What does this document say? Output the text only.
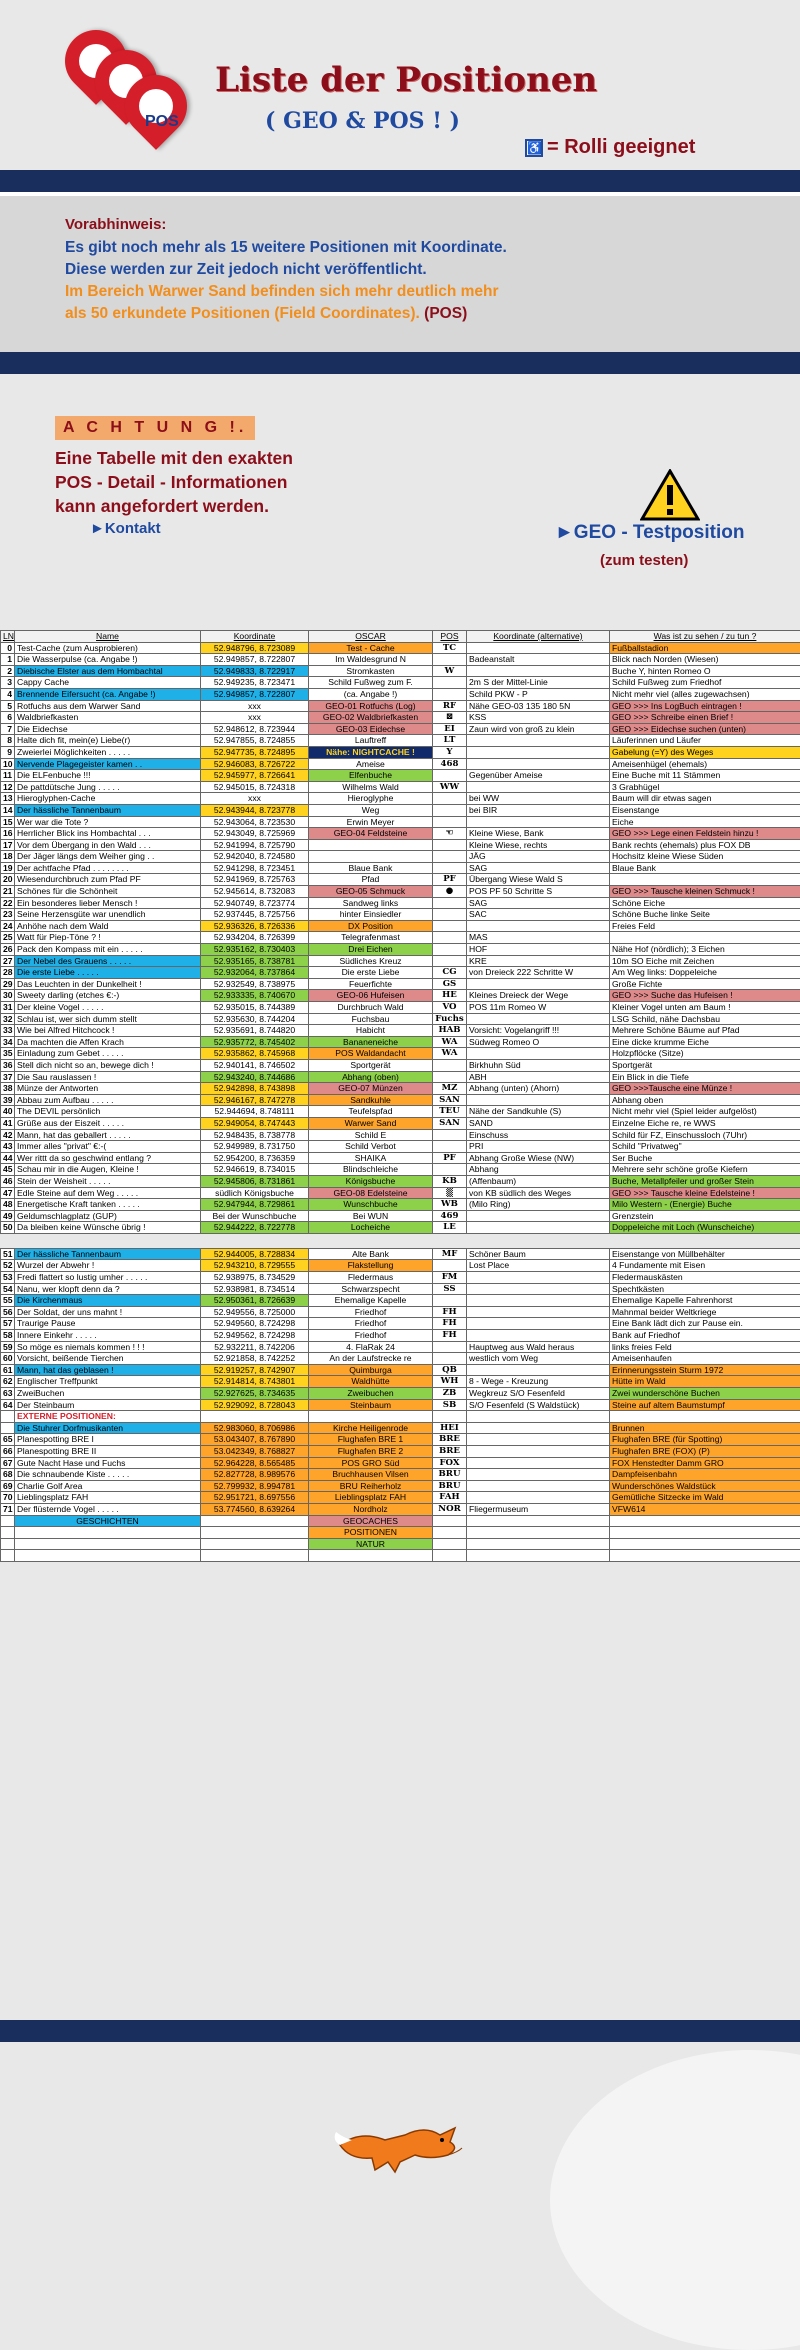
POS
Liste der Positionen
( GEO & POS ! )
♿ = Rolli geeignet
Vorabhinweis:
Es gibt noch mehr als 15 weitere Positionen mit Koordinate.
Diese werden zur Zeit jedoch nicht veröffentlicht.
Im Bereich Warwer Sand befinden sich mehr deutlich mehr
als 50 erkundete Positionen (Field Coordinates). (POS)
A C H T U N G !.
Eine Tabelle mit den exakten
POS - Detail - Informationen
kann angefordert werden.
►Kontakt	►GEO - Testposition
(zum testen)
LN	Name	Koordinate	OSCAR	POS	Koordinate (alternative)	Was ist zu sehen / zu tun ?
0	Test-Cache (zum Ausprobieren)	52.948796, 8.723089	Test - Cache	TC		Fußballstadion
1	Die Wasserpulse (ca. Angabe !)	52.949857, 8.722807	Im Waldesgrund N		Badeanstalt	Blick nach Norden (Wiesen)
2	Diebische Elster aus dem Hombachtal	52.949833, 8.722917	Stromkasten	W		Buche Y, hinten Romeo O
3	Cappy Cache	52.949235, 8.723471	Schild Fußweg zum F.		2m S der Mittel-Linie	Schild Fußweg zum Friedhof
4	Brennende Eifersucht (ca. Angabe !)	52.949857, 8.722807	(ca. Angabe !)		Schild PKW - P	Nicht mehr viel (alles zugewachsen)
5	Rotfuchs aus dem Warwer Sand	xxx	GEO-01 Rotfuchs (Log)	RF	Nähe GEO-03 135 180 5N	GEO >>> Ins LogBuch eintragen !
6	Waldbriefkasten	xxx	GEO-02 Waldbriefkasten	⊠	KSS	GEO >>> Schreibe einen Brief !
7	Die Eidechse	52.948612, 8.723944	GEO-03 Eidechse	EI	Zaun wird von groß zu klein	GEO >>> Eidechse suchen (unten)
8	Halte dich fit, mein(e) Liebe(r)	52.947855, 8.724855	Lauftreff	LT		Läuferinnen und Läufer
9	Zweierlei Möglichkeiten . . . . .	52.947735, 8.724895	Nähe: NIGHTCACHE !	Y		Gabelung (=Y) des Weges
10	Nervende Plagegeister kamen . .	52.946083, 8.726722	Ameise	468		Ameisenhügel (ehemals)
11	Die ELFenbuche !!!	52.945977, 8.726641	Elfenbuche		Gegenüber Ameise	Eine Buche mit 11 Stämmen
12	De pattdütsche Jung . . . . .	52.945015, 8.724318	Wilhelms Wald	WW		3 Grabhügel
13	Hieroglyphen-Cache	xxx	Hieroglyphe		bei WW	Baum will dir etwas sagen
14	Der hässliche Tannenbaum	52.943944, 8.723778	Weg		bei BIR	Eisenstange
15	Wer war die Tote ?	52.943064, 8.723530	Erwin Meyer			Eiche
16	Herrlicher Blick ins Hombachtal . . .	52.943049, 8.725969	GEO-04 Feldsteine	☜	Kleine Wiese, Bank	GEO >>> Lege einen Feldstein hinzu !
17	Vor dem Übergang in den Wald . . .	52.941994, 8.725790			Kleine Wiese, rechts	Bank rechts (ehemals) plus FOX DB
18	Der Jäger längs dem Weiher ging . .	52.942040, 8.724580			JÄG	Hochsitz kleine Wiese Süden
19	Der achtfache Pfad . . . . . . . .	52.941298, 8.723451	Blaue Bank		SAG	Blaue Bank
20	Wiesendurchbruch zum Pfad PF	52.941969, 8.725763	Pfad	PF	Übergang Wiese Wald S	
21	Schönes für die Schönheit	52.945614, 8.732083	GEO-05 Schmuck	●	POS PF 50 Schritte S	GEO >>> Tausche kleinen Schmuck !
22	Ein besonderes lieber Mensch !	52.940749, 8.723774	Sandweg links		SAG	Schöne Eiche
23	Seine Herzensgüte war unendlich	52.937445, 8.725756	hinter Einsiedler		SAC	Schöne Buche linke Seite
24	Anhöhe nach dem Wald	52.936326, 8.726336	DX Position			Freies Feld
25	Watt für Piep-Töne ? !	52.934204, 8.726399	Telegrafenmast		MAS	
26	Pack den Kompass mit ein . . . . .	52.935162, 8.730403	Drei Eichen		HOF	Nähe Hof (nördlich); 3 Eichen
27	Der Nebel des Grauens . . . . .	52.935165, 8.738781	Südliches Kreuz		KRE	10m SO Eiche mit Zeichen
28	Die erste Liebe . . . . .	52.932064, 8.737864	Die erste Liebe	CG	von Dreieck 222 Schritte W	Am Weg links: Doppeleiche
29	Das Leuchten in der Dunkelheit !	52.932549, 8.738975	Feuerfichte	GS		Große Fichte
30	Sweety darling (etches €:-)	52.933335, 8.740670	GEO-06 Hufeisen	HE	Kleines Dreieck der Wege	GEO >>> Suche das Hufeisen !
31	Der kleine Vogel . . . . .	52.935015, 8.744389	Durchbruch Wald	VO	POS 11m Romeo W	Kleiner Vogel unten am Baum !
32	Schlau ist, wer sich dumm stellt	52.935630, 8.744204	Fuchsbau	Fuchs		LSG Schild, nähe Dachsbau
33	Wie bei Alfred Hitchcock !	52.935691, 8.744820	Habicht	HAB	Vorsicht: Vogelangriff !!!	Mehrere Schöne Bäume auf Pfad
34	Da machten die Affen Krach	52.935772, 8.745402	Bananeneiche	WA	Südweg Romeo O	Eine dicke krumme Eiche
35	Einladung zum Gebet . . . . .	52.935862, 8.745968	POS Waldandacht	WA		Holzpflöcke (Sitze)
36	Stell dich nicht so an, bewege dich !	52.940141, 8.746502	Sportgerät		Birkhuhn Süd	Sportgerät
37	Die Sau rauslassen !	52.943240, 8.744686	Abhang (oben)		ABH	Ein Blick in die Tiefe
38	Münze der Antworten	52.942898, 8.743898	GEO-07 Münzen	MZ	Abhang (unten) (Ahorn)	GEO >>>Tausche eine Münze !
39	Abbau zum Aufbau . . . . .	52.946167, 8.747278	Sandkuhle	SAN		Abhang oben
40	The DEVIL persönlich	52.944694, 8.748111	Teufelspfad	TEU	Nähe der Sandkuhle (S)	Nicht mehr viel (Spiel leider aufgelöst)
41	Grüße aus der Eiszeit . . . . .	52.949054, 8.747443	Warwer Sand	SAN	SAND	Einzelne Eiche re, re WWS
42	Mann, hat das geballert . . . . .	52.948435, 8.738778	Schild E		Einschuss	Schild für FZ, Einschussloch (7Uhr)
43	Immer alles "privat" €:-(	52.949989, 8.731750	Schild Verbot		PRI	Schild "Privatweg"
44	Wer rittt da so geschwind entlang ?	52.954200, 8.736359	SHAIKA	PF	Abhang Große Wiese (NW)	Ser Buche
45	Schau mir in die Augen, Kleine !	52.946619, 8.734015	Blindschleiche		Abhang	Mehrere sehr schöne große Kiefern
46	Stein der Weisheit . . . . .	52.945806, 8.731861	Königsbuche	KB	(Affenbaum)	Buche, Metallpfeiler und großer Stein
47	Edle Steine auf dem Weg . . . . .	südlich Königsbuche	GEO-08 Edelsteine	▒	von KB südlich des Weges	GEO >>> Tausche kleine Edelsteine !
48	Energetische Kraft tanken . . . . .	52.947944, 8.729861	Wunschbuche	WB	(Milo Ring)	Milo Western - (Energie) Buche
49	Geldumschlagplatz (GUP)	Bei der Wunschbuche	Bei WUN	469		Grenzstein
50	Da bleiben keine Wünsche übrig !	52.944222, 8.722778	Locheiche	LE		Doppeleiche mit Loch (Wunscheiche)
51	Der hässliche Tannenbaum	52.944005, 8.728834	Alte Bank	MF	Schöner Baum	Eisenstange von Müllbehälter
52	Wurzel der Abwehr !	52.943210, 8.729555	Flakstellung		Lost Place	4 Fundamente mit Eisen
53	Fredi flattert so lustig umher . . . . .	52.938975, 8.734529	Fledermaus	FM		Fledermauskästen
54	Nanu, wer klopft denn da ?	52.938981, 8.734514	Schwarzspecht	SS		Spechtkästen
55	Die Kirchenmaus	52.950361, 8.726639	Ehemalige Kapelle			Ehemalige Kapelle Fahrenhorst
56	Der Soldat, der uns mahnt !	52.949556, 8.725000	Friedhof	FH		Mahnmal beider Weltkriege
57	Traurige Pause	52.949560, 8.724298	Friedhof	FH		Eine Bank lädt dich zur Pause ein.
58	Innere Einkehr . . . . .	52.949562, 8.724298	Friedhof	FH		Bank auf Friedhof
59	So möge es niemals kommen ! ! !	52.932211, 8.742206	4. FlaRak 24		Hauptweg aus Wald heraus	links freies Feld
60	Vorsicht, beißende Tierchen	52.921858, 8.742252	An der Laufstrecke re		westlich vom Weg	Ameisenhaufen
61	Mann, hat das geblasen !	52.919257, 8.742907	Quimburga	QB		Erinnerungsstein Sturm 1972
62	Englischer Treffpunkt	52.914814, 8.743801	Waldhütte	WH	8 - Wege - Kreuzung	Hütte im Wald
63	ZweiBuchen	52.927625, 8.734635	Zweibuchen	ZB	Wegkreuz S/O Fesenfeld	Zwei wunderschöne Buchen
64	Der Steinbaum	52.929092, 8.728043	Steinbaum	SB	S/O Fesenfeld (S Waldstück)	Steine auf altem Baumstumpf
	EXTERNE POSITIONEN:					
	Die Stuhrer Dorfmusikanten	52.983060, 8.706986	Kirche Heiligenrode	HEI		Brunnen
65	Planespotting BRE I	53.043407, 8.767890	Flughafen BRE 1	BRE		Flughafen BRE (für Spotting)
66	Planespotting BRE II	53.042349, 8.768827	Flughafen BRE 2	BRE		Flughafen BRE (FOX) (P)
67	Gute Nacht Hase und Fuchs	52.964228, 8.565485	POS GRO Süd	FOX		FOX Henstedter Damm GRO
68	Die schnaubende Kiste . . . . .	52.827728, 8.989576	Bruchhausen Vilsen	BRU		Dampfeisenbahn
69	Charlie Golf Area	52.799932, 8.994781	BRU Reiherholz	BRU		Wunderschönes Waldstück
70	Lieblingsplatz FAH	52.951721, 8.697556	Lieblingsplatz FAH	FAH		Gemütliche Sitzecke im Wald
71	Der flüsternde Vogel . . . . .	53.774560, 8.639264	Nordholz	NOR	Fliegermuseum	VFW614
	GESCHICHTEN		GEOCACHES			
			POSITIONEN			
			NATUR			
